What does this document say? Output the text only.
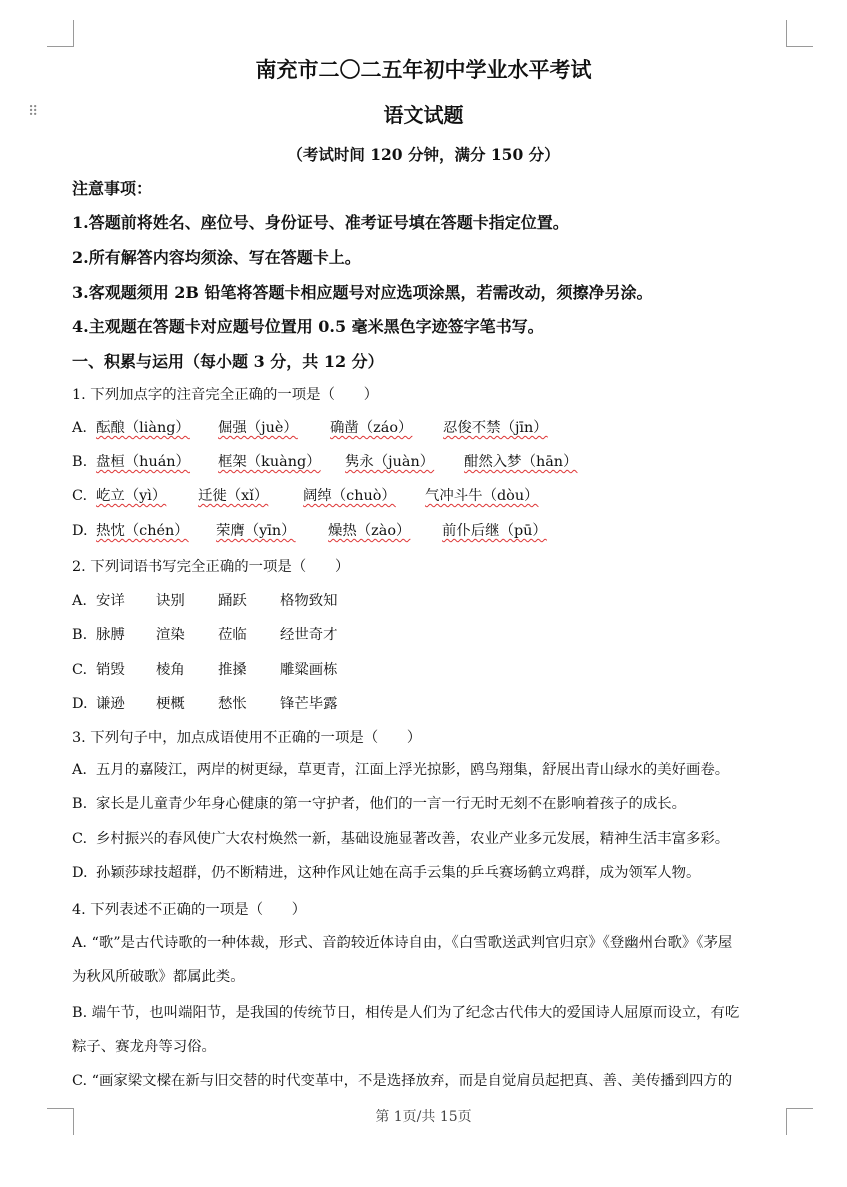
⠿
南充市二〇二五年初中学业水平考试
语文试题
（考试时间 120 分钟，满分 150 分）
注意事项：
1.答题前将姓名、座位号、身份证号、准考证号填在答题卡指定位置。
2.所有解答内容均须涂、写在答题卡上。
3.客观题须用 2B 铅笔将答题卡相应题号对应选项涂黑，若需改动，须擦净另涂。
4.主观题在答题卡对应题号位置用 0.5 毫米黑色字迹签字笔书写。
一、积累与运用（每小题 3 分，共 12 分）
1. 下列加点字的注音完全正确的一项是（　　）
A. 酝酿（liàng） 倔强（juè） 确凿（záo） 忍俊不禁（jīn）
B. 盘桓（huán） 框架（kuàng） 隽永（juàn） 酣然入梦（hān）
C. 屹立（yì） 迁徙（xǐ） 阔绰（chuò） 气冲斗牛（dòu）
D. 热忱（chén） 荣膺（yīn） 燥热（zào） 前仆后继（pū）
2. 下列词语书写完全正确的一项是（　　）
A. 安详 诀别 踊跃 格物致知
B. 脉膊 渲染 莅临 经世奇才
C. 销毁 棱角 推搡 雕粱画栋
D. 谦逊 梗概 愁怅 锋芒毕露
3. 下列句子中，加点成语使用不正确的一项是（　　）
A. 五月的嘉陵江，两岸的树更绿，草更青，江面上浮光掠影，鸥鸟翔集，舒展出青山绿水的美好画卷。
B. 家长是儿童青少年身心健康的第一守护者，他们的一言一行无时无刻不在影响着孩子的成长。
C. 乡村振兴的春风使广大农村焕然一新，基础设施显著改善，农业产业多元发展，精神生活丰富多彩。
D. 孙颖莎球技超群，仍不断精进，这种作风让她在高手云集的乒乓赛场鹤立鸡群，成为领军人物。
4. 下列表述不正确的一项是（　　）
A. “歌”是古代诗歌的一种体裁，形式、音韵较近体诗自由，《白雪歌送武判官归京》《登幽州台歌》《茅屋
为秋风所破歌》都属此类。
B. 端午节，也叫端阳节，是我国的传统节日，相传是人们为了纪念古代伟大的爱国诗人屈原而设立，有吃
粽子、赛龙舟等习俗。
C. “画家梁文樑在新与旧交替的时代变革中，不是选择放弃，而是自觉肩员起把真、善、美传播到四方的
第 1页/共 15页
